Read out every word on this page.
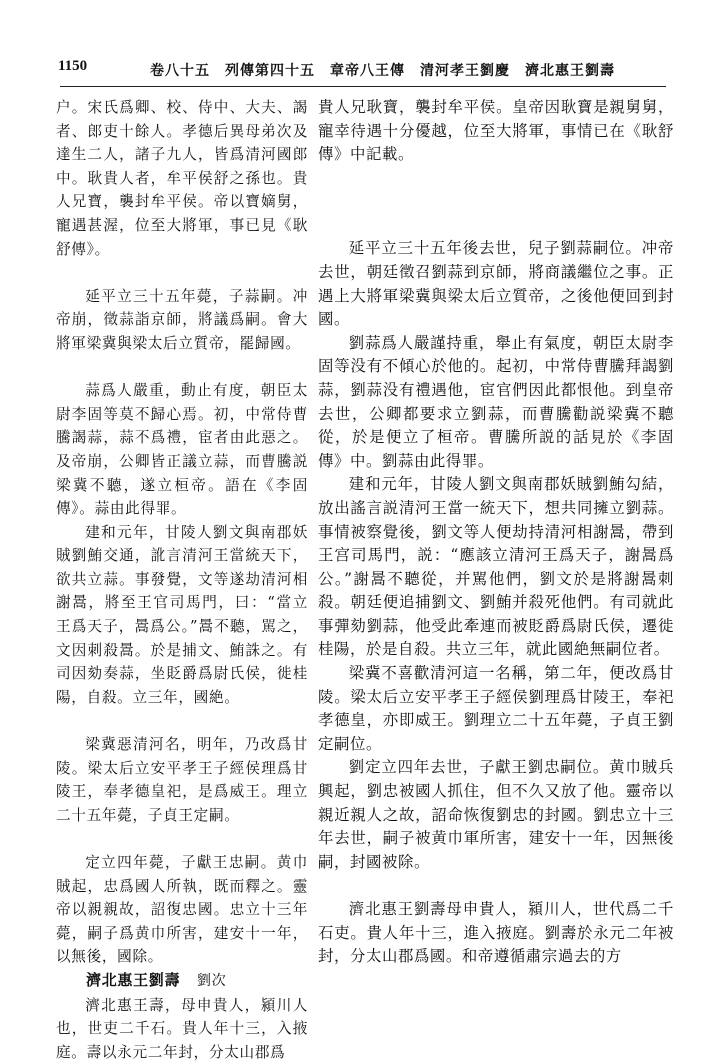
1150	卷八十五　列傳第四十五　章帝八王傳　清河孝王劉慶　濟北惠王劉壽

户。宋氏爲卿、校、侍中、大夫、謁者、郎吏十餘人。孝德后異母弟次及達生二人，諸子九人，皆爲清河國郎中。耿貴人者，牟平侯舒之孫也。貴人兄寶，襲封牟平侯。帝以寶嫡舅，寵遇甚渥，位至大將軍，事已見《耿舒傳》。

延平立三十五年薨，子蒜嗣。冲帝崩，徵蒜詣京師，將議爲嗣。會大將軍梁冀與梁太后立質帝，罷歸國。

蒜爲人嚴重，動止有度，朝臣太尉李固等莫不歸心焉。初，中常侍曹騰謁蒜，蒜不爲禮，宦者由此惡之。及帝崩，公卿皆正議立蒜，而曹騰説梁冀不聽，遂立桓帝。語在《李固傳》。蒜由此得罪。

建和元年，甘陵人劉文與南郡妖賊劉鮪交通，訛言清河王當統天下，欲共立蒜。事發覺，文等遂劫清河相謝暠，將至王官司馬門，曰：“當立王爲天子，暠爲公。”暠不聽，駡之，文因刺殺暠。於是捕文、鮪誅之。有司因劾奏蒜，坐貶爵爲尉氏侯，徙桂陽，自殺。立三年，國絶。

梁冀惡清河名，明年，乃改爲甘陵。梁太后立安平孝王子經侯理爲甘陵王，奉孝德皇祀，是爲威王。理立二十五年薨，子貞王定嗣。

定立四年薨，子獻王忠嗣。黄巾賊起，忠爲國人所執，既而釋之。靈帝以親親故，詔復忠國。忠立十三年薨，嗣子爲黄巾所害，建安十一年，以無後，國除。

濟北惠王劉壽 劉次

濟北惠王壽，母申貴人，潁川人也，世吏二千石。貴人年十三，入掖庭。壽以永元二年封，分太山郡爲

貴人兄耿寶，襲封牟平侯。皇帝因耿寶是親舅舅，寵幸待遇十分優越，位至大將軍，事情已在《耿舒傳》中記載。

延平立三十五年後去世，兒子劉蒜嗣位。冲帝去世，朝廷徵召劉蒜到京師，將商議繼位之事。正遇上大將軍梁冀與梁太后立質帝，之後他便回到封國。

劉蒜爲人嚴謹持重，舉止有氣度，朝臣太尉李固等没有不傾心於他的。起初，中常侍曹騰拜謁劉蒜，劉蒜没有禮遇他，宦官們因此都恨他。到皇帝去世，公卿都要求立劉蒜，而曹騰勸説梁冀不聽從，於是便立了桓帝。曹騰所説的話見於《李固傳》中。劉蒜由此得罪。

建和元年，甘陵人劉文與南郡妖賊劉鮪勾結，放出謠言説清河王當一統天下，想共同擁立劉蒜。事情被察覺後，劉文等人便劫持清河相謝暠，帶到王宫司馬門，説：“應該立清河王爲天子，謝暠爲公。”謝暠不聽從，并駡他們，劉文於是將謝暠刺殺。朝廷便追捕劉文、劉鮪并殺死他們。有司就此事彈劾劉蒜，他受此牽連而被貶爵爲尉氏侯，遷徙桂陽，於是自殺。共立三年，就此國絶無嗣位者。

梁冀不喜歡清河這一名稱，第二年，便改爲甘陵。梁太后立安平孝王子經侯劉理爲甘陵王，奉祀孝德皇，亦即威王。劉理立二十五年薨，子貞王劉定嗣位。

劉定立四年去世，子獻王劉忠嗣位。黄巾賊兵興起，劉忠被國人抓住，但不久又放了他。靈帝以親近親人之故，詔命恢復劉忠的封國。劉忠立十三年去世，嗣子被黄巾軍所害，建安十一年，因無後嗣，封國被除。

濟北惠王劉壽母申貴人，潁川人，世代爲二千石吏。貴人年十三，進入掖庭。劉壽於永元二年被封，分太山郡爲國。和帝遵循肅宗過去的方
